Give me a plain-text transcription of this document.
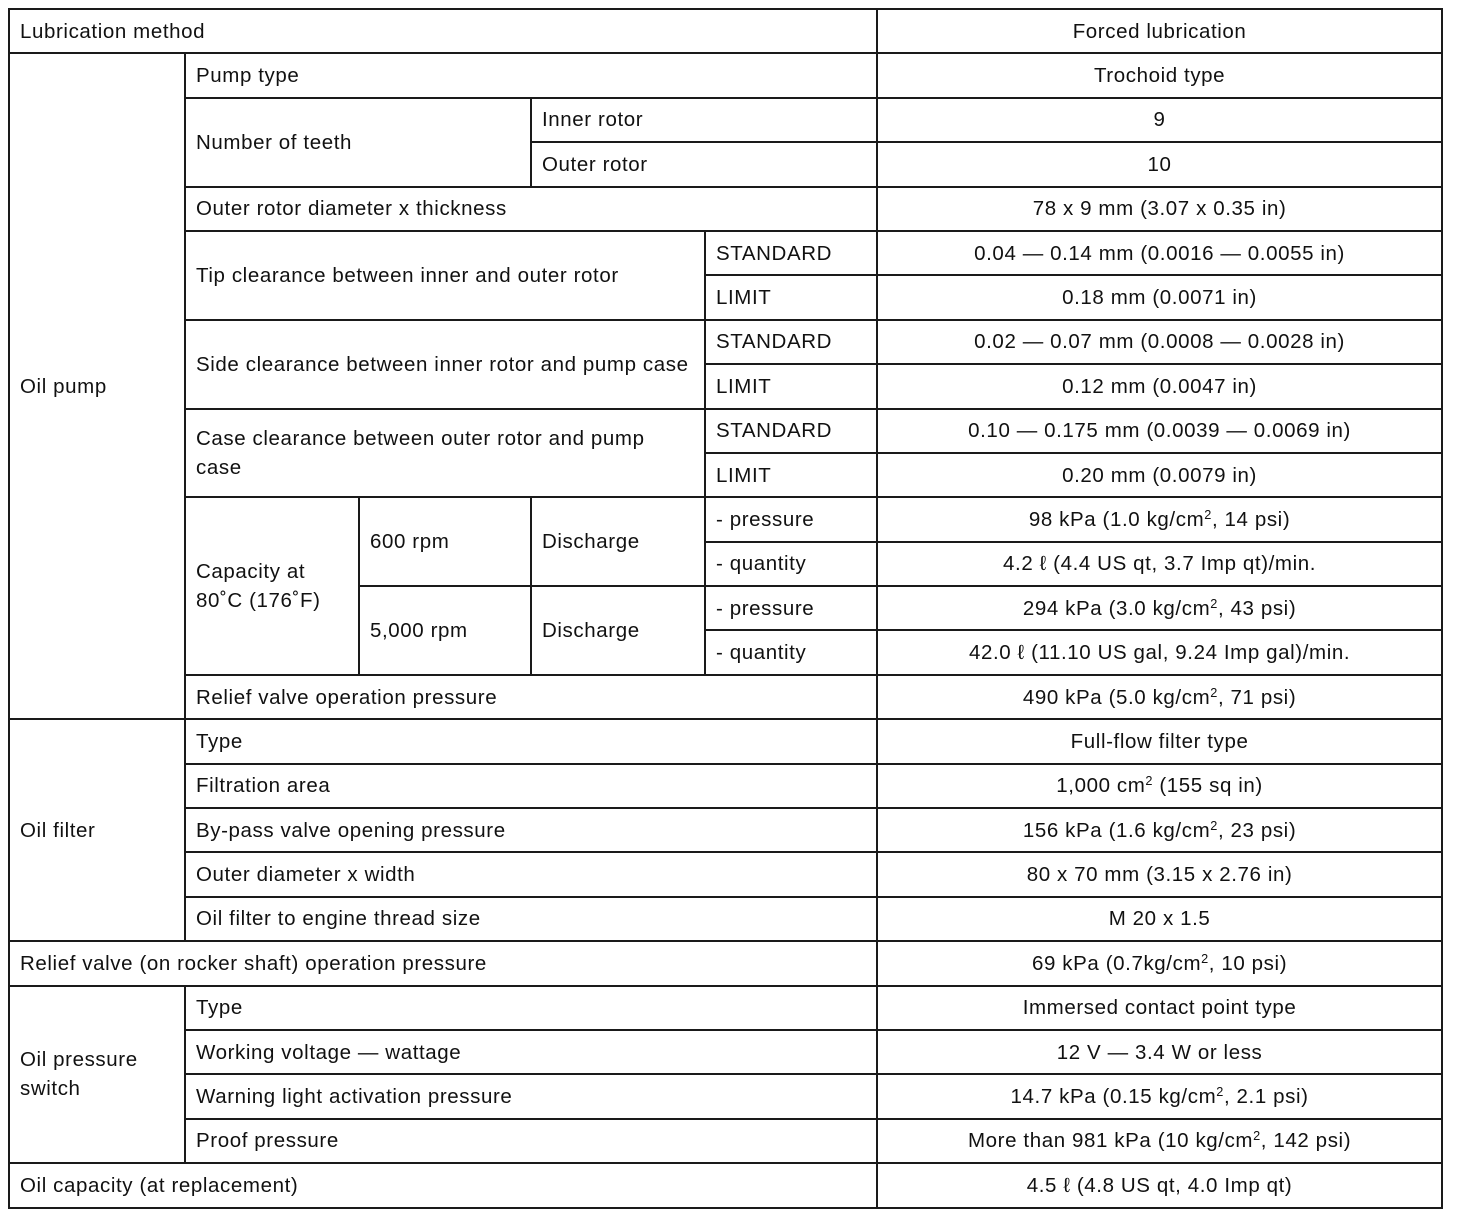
Lubrication method					Forced lubrication
Oil pump	Pump type				Trochoid type
	Number of teeth		Inner rotor		9
			Outer rotor		10
	Outer rotor diameter x thickness				78 x 9 mm (3.07 x 0.35 in)
	Tip clearance between inner and outer rotor			STANDARD	0.04 — 0.14 mm (0.0016 — 0.0055 in)
				LIMIT	0.18 mm (0.0071 in)
	Side clearance between inner rotor and pump case			STANDARD	0.02 — 0.07 mm (0.0008 — 0.0028 in)
				LIMIT	0.12 mm (0.0047 in)
	Case clearance between outer rotor and pump case			STANDARD	0.10 — 0.175 mm (0.0039 — 0.0069 in)
				LIMIT	0.20 mm (0.0079 in)
	Capacity at 80˚C (176˚F)	600 rpm	Discharge	- pressure	98 kPa (1.0 $kg/cm^2$, 14 psi)
				- quantity	4.2 ℓ (4.4 US qt, 3.7 Imp qt)/min.
		5,000 rpm	Discharge	- pressure	294 kPa (3.0 $kg/cm^2$, 43 psi)
				- quantity	42.0 ℓ (11.10 US gal, 9.24 Imp gal)/min.
	Relief valve operation pressure				490 kPa (5.0 $kg/cm^2$, 71 psi)
Oil filter	Type				Full-flow filter type
	Filtration area				1,000 $cm^2$ (155 sq in)
	By-pass valve opening pressure				156 kPa (1.6 $kg/cm^2$, 23 psi)
	Outer diameter x width				80 x 70 mm (3.15 x 2.76 in)
	Oil filter to engine thread size				M 20 x 1.5
Relief valve (on rocker shaft) operation pressure					69 kPa ($0.7kg/cm^2$, 10 psi)
Oil pressure switch	Type				Immersed contact point type
	Working voltage — wattage				12 V — 3.4 W or less
	Warning light activation pressure				14.7 kPa (0.15 $kg/cm^2$, 2.1 psi)
	Proof pressure				More than 981 kPa (10 $kg/cm^2$, 142 psi)
Oil capacity (at replacement)					4.5 ℓ (4.8 US qt, 4.0 Imp qt)
